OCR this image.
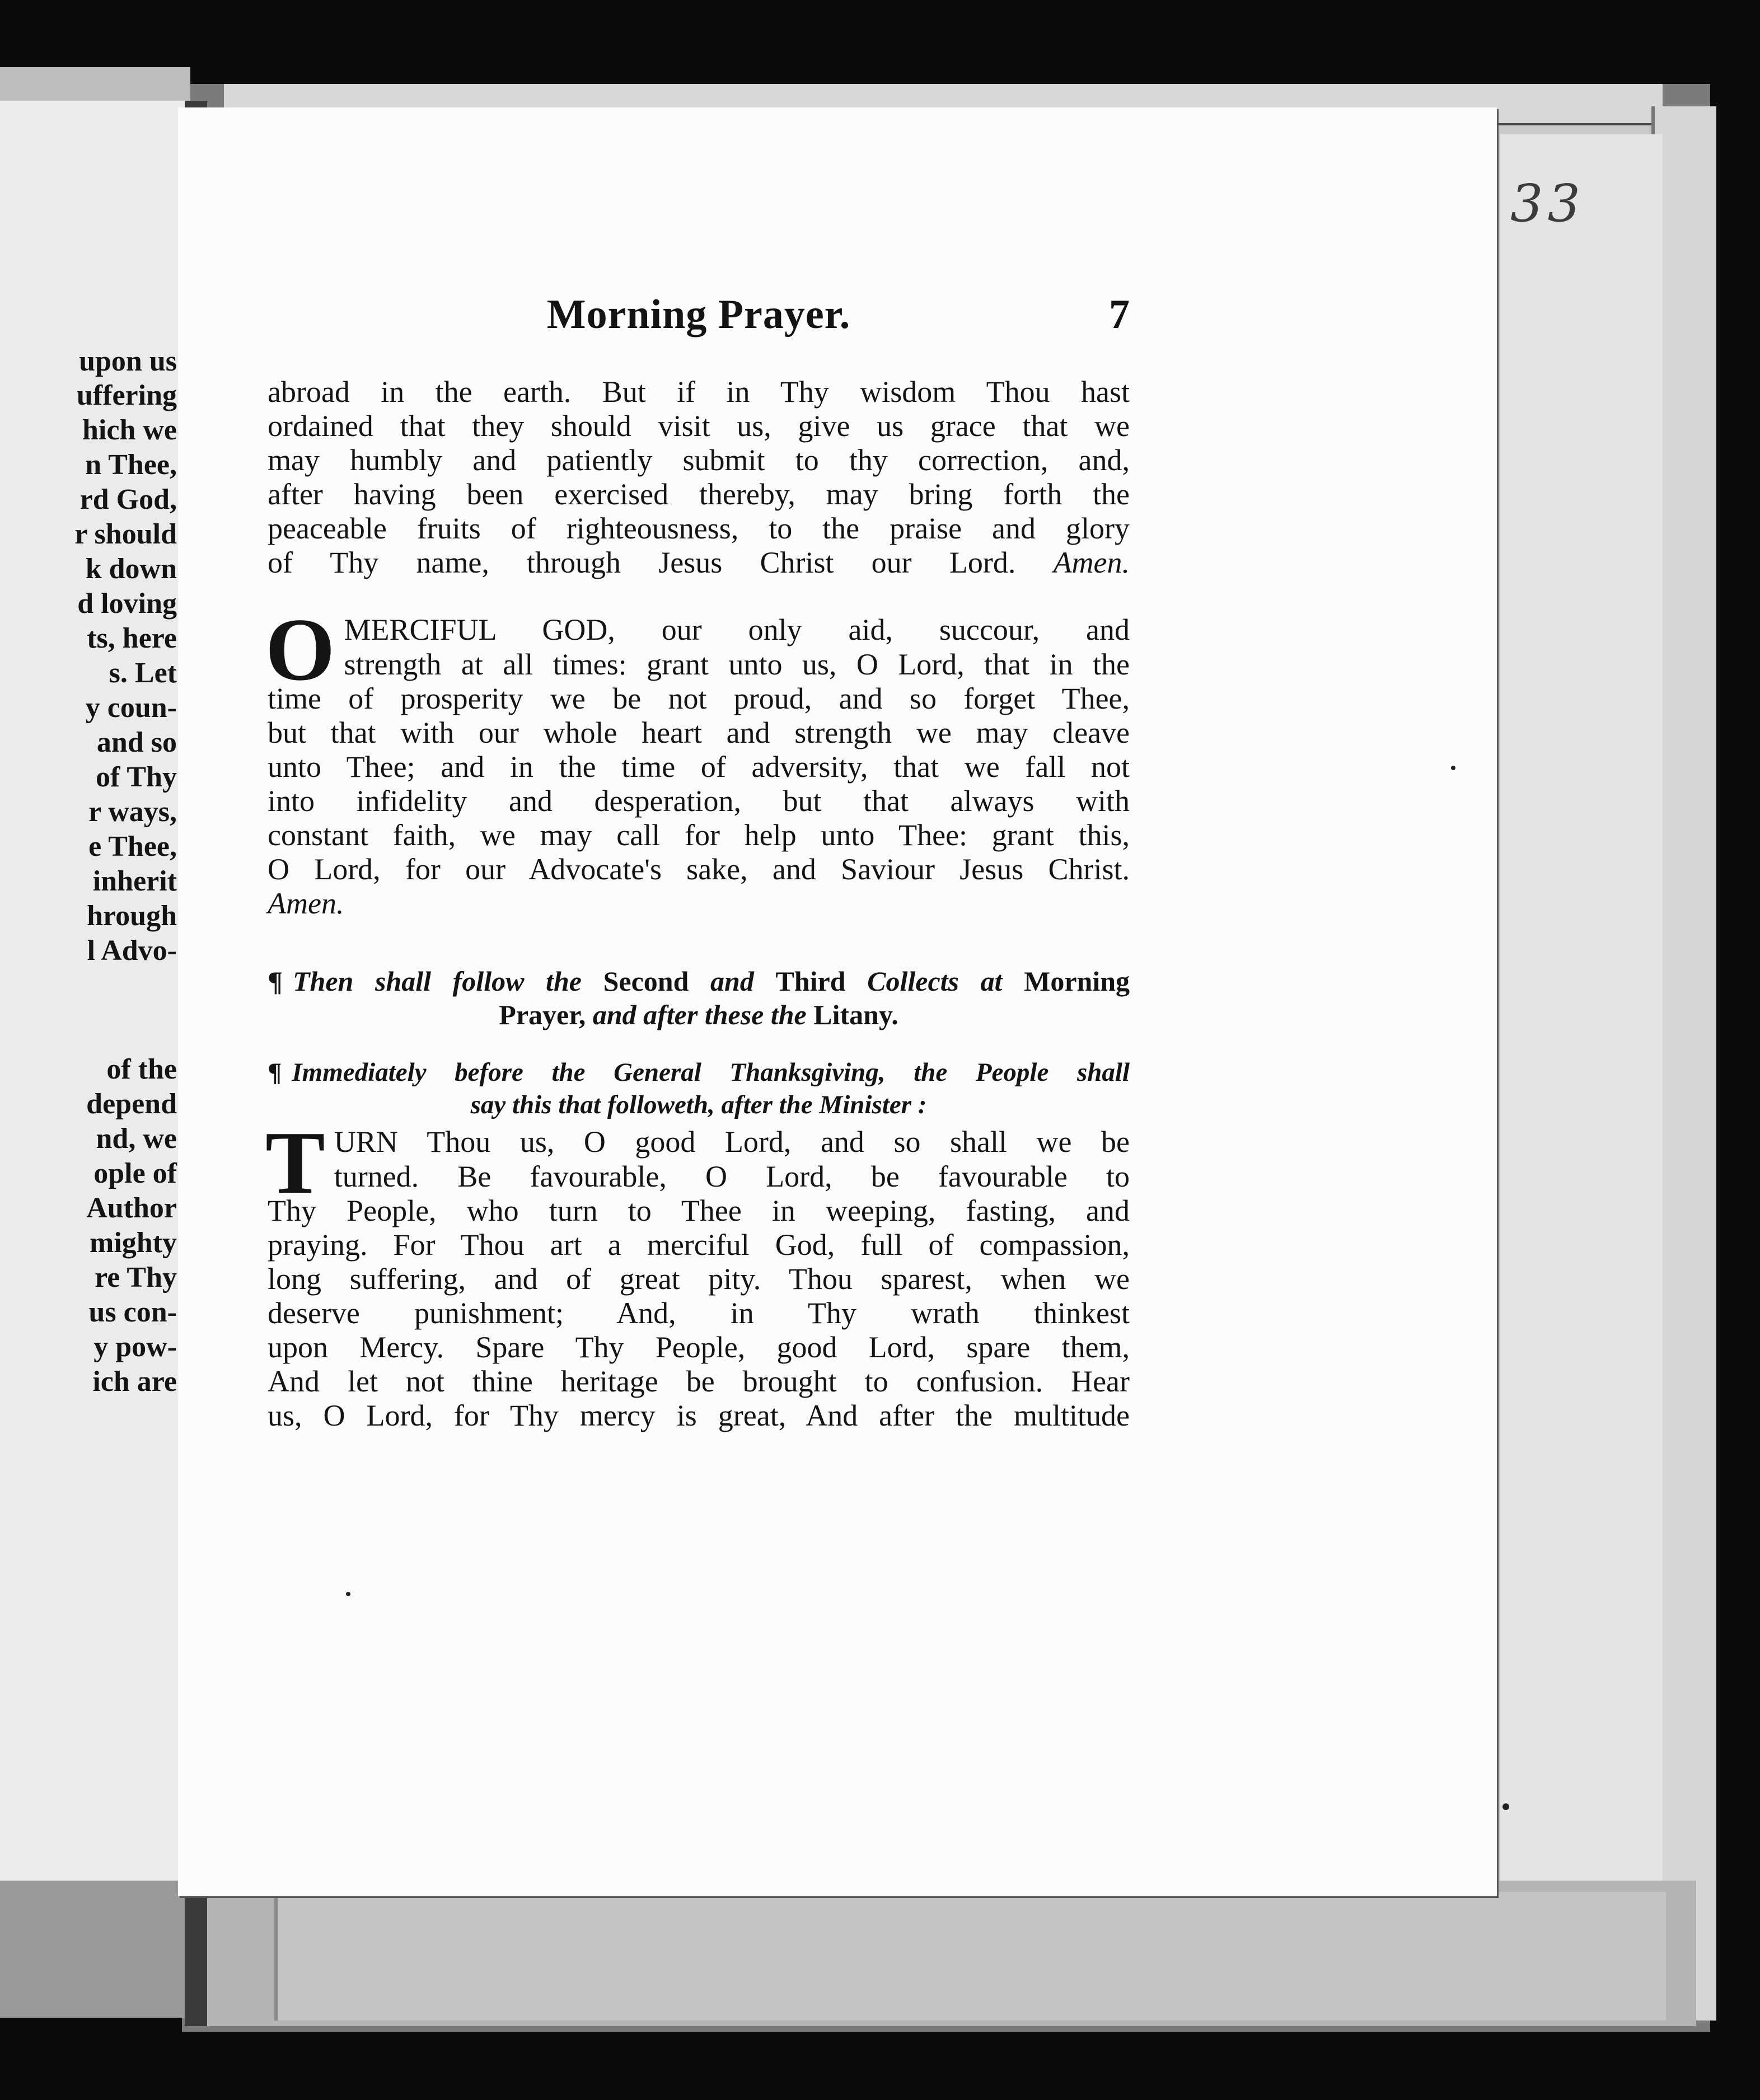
upon us

uffering

hich we

n Thee,

rd God,

r should

k down

d loving

ts, here

s. Let

y coun-

and so

of Thy

r ways,

e Thee,

inherit

hrough

l Advo-

of the

depend

nd, we

ople of

Author

mighty

re Thy

us con-

y pow-

ich are

33
Morning Prayer.	7

abroad in the earth. But if in Thy wisdom Thou hast

ordained that they should visit us, give us grace that we

may humbly and patiently submit to thy correction, and,

after having been exercised thereby, may bring forth the

peaceable fruits of righteousness, to the praise and glory

of Thy name, through Jesus Christ our Lord. Amen.

O MERCIFUL GOD, our only aid, succour, and
strength at all times: grant unto us, O Lord, that in the

time of prosperity we be not proud, and so forget Thee,

but that with our whole heart and strength we may cleave

unto Thee; and in the time of adversity, that we fall not

into infidelity and desperation, but that always with

constant faith, we may call for help unto Thee: grant this,

O Lord, for our Advocate's sake, and Saviour Jesus Christ.

Amen.

¶ Then shall follow the Second and Third Collects at Morning

Prayer, and after these the Litany.

¶ Immediately before the General Thanksgiving, the People shall

say this that followeth, after the Minister :

T URN Thou us, O good Lord, and so shall we be
turned. Be favourable, O Lord, be favourable to

Thy People, who turn to Thee in weeping, fasting, and

praying. For Thou art a merciful God, full of compassion,

long suffering, and of great pity. Thou sparest, when we

deserve punishment; And, in Thy wrath thinkest

upon Mercy. Spare Thy People, good Lord, spare them,

And let not thine heritage be brought to confusion. Hear

us, O Lord, for Thy mercy is great, And after the multitude
